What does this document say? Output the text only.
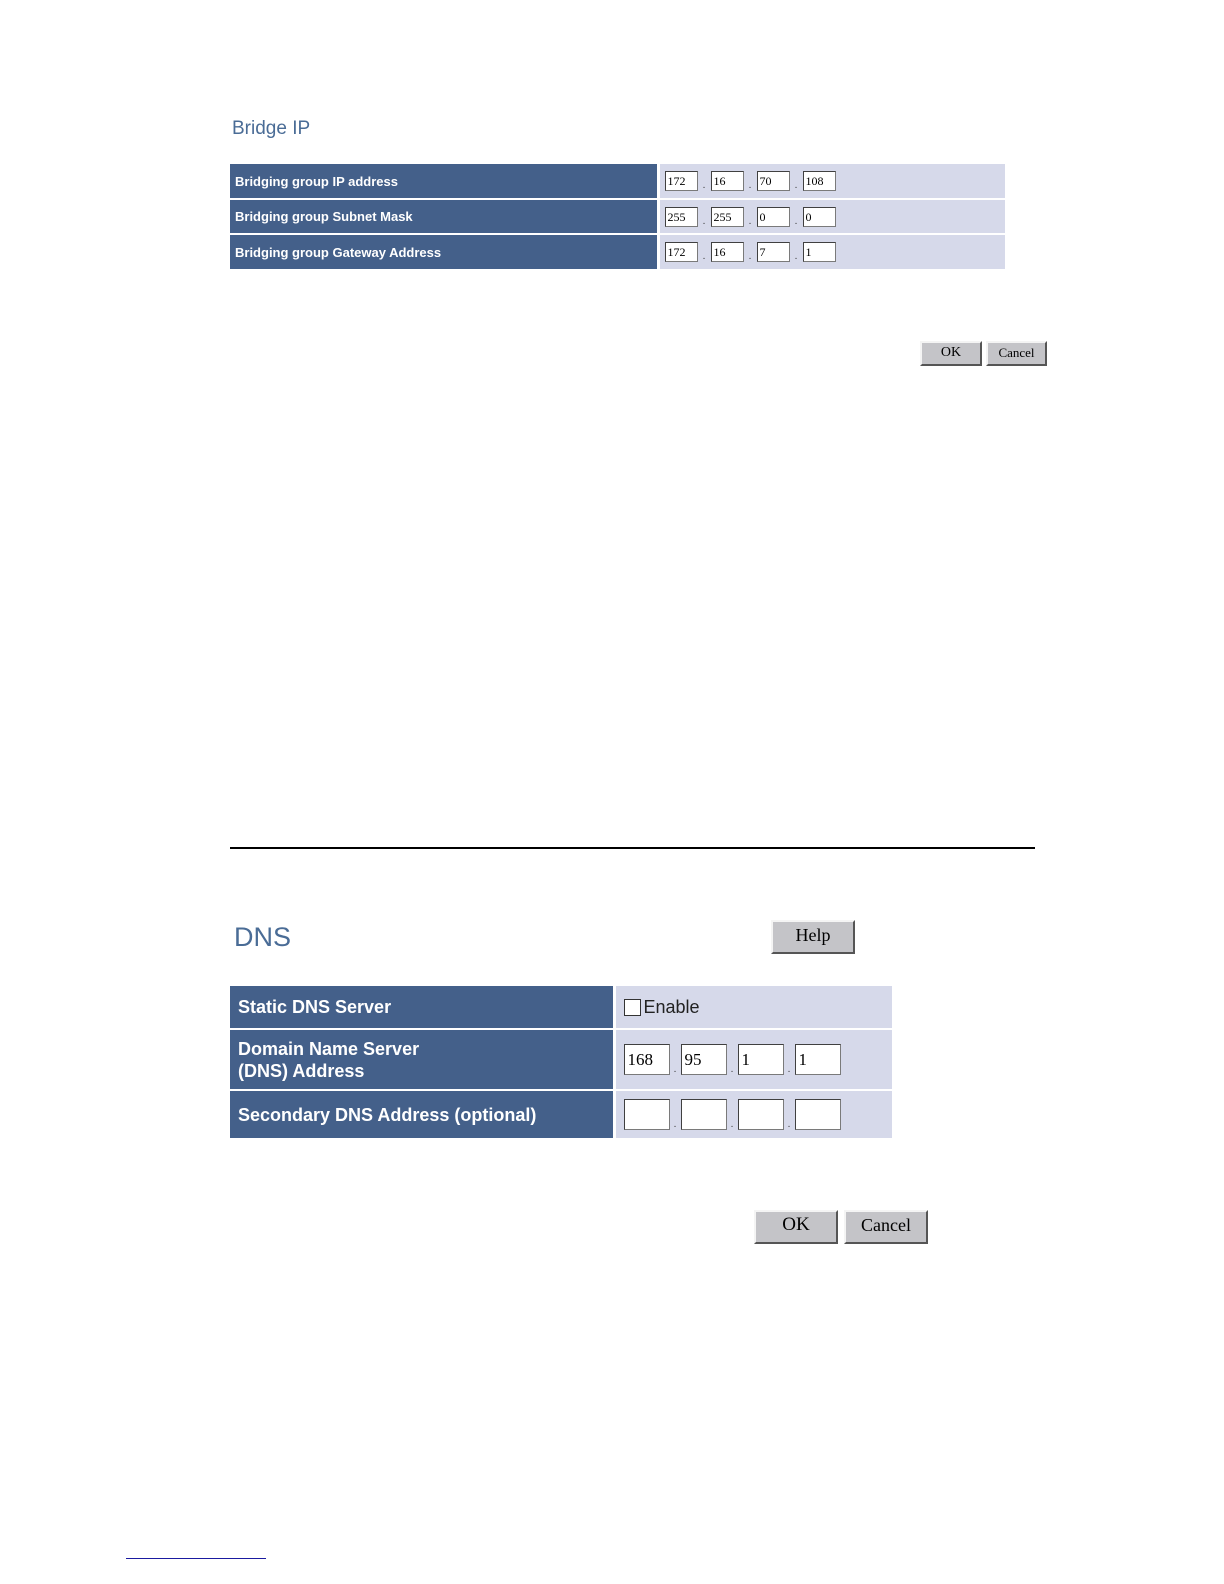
Bridge IP
Bridging group IP address	172 . 16 . 70 . 108
Bridging group Subnet Mask	255 . 255 . 0 . 0
Bridging group Gateway Address	172 . 16 . 7 . 1
OK	Cancel
DNS	Help
Static DNS Server	Enable
Domain Name Server
(DNS) Address	168.95.1.1
Secondary DNS Address (optional)	. . .
OK	Cancel
